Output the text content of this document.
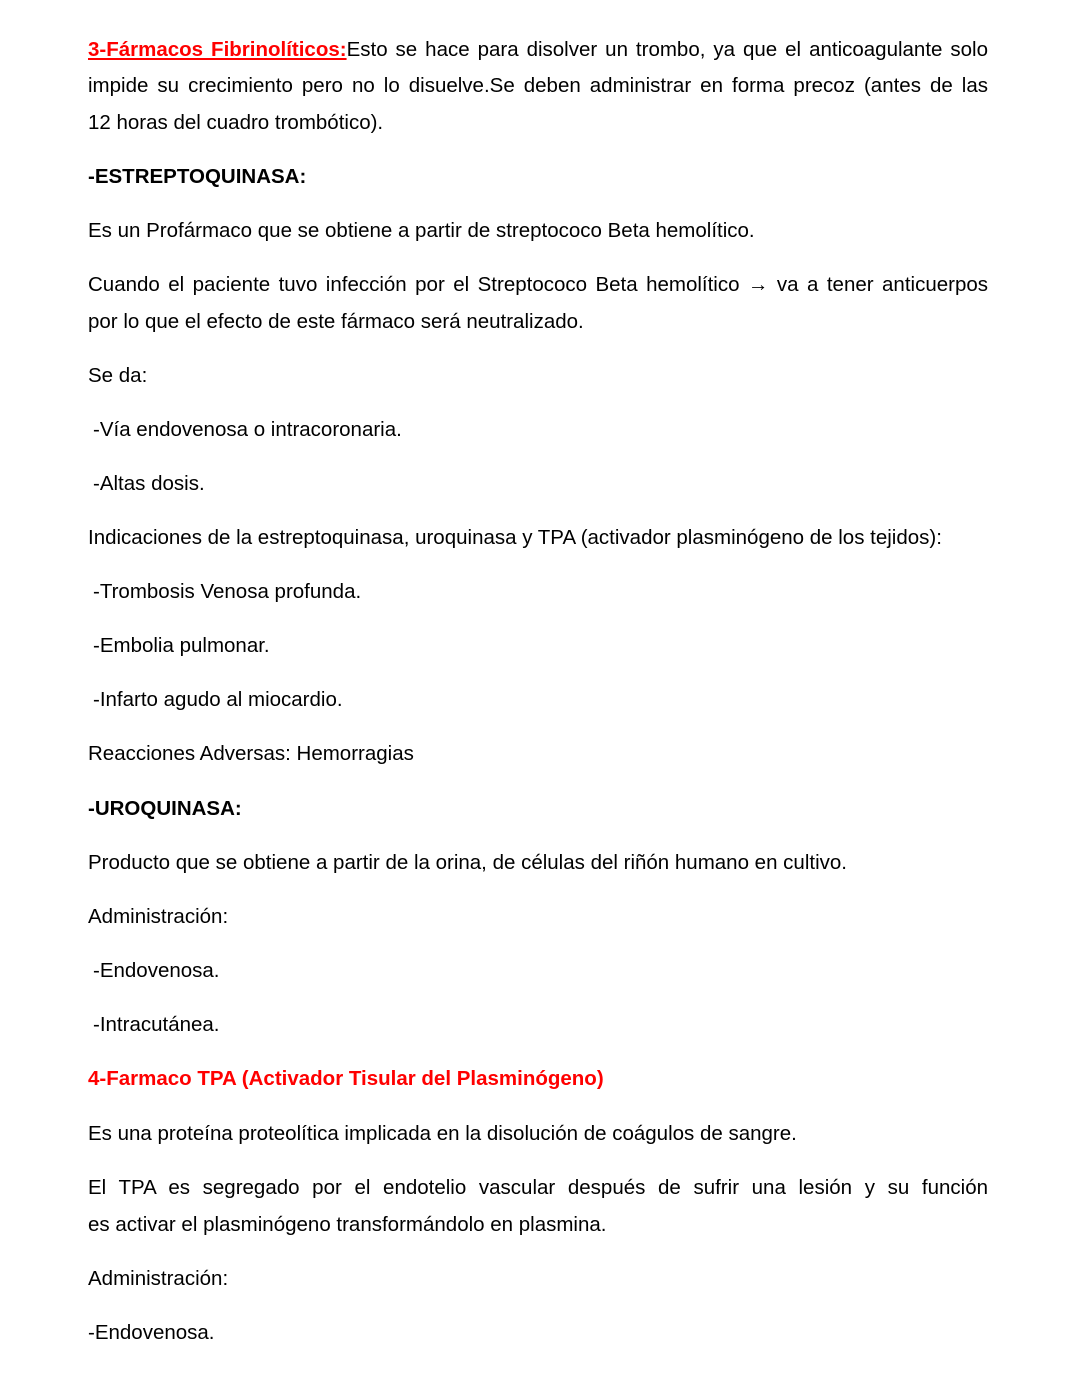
3-Fármacos Fibrinolíticos:Esto se hace para disolver un trombo, ya que el anticoagulante solo
impide su crecimiento pero no lo disuelve.Se deben administrar en forma precoz (antes de las
12 horas del cuadro trombótico).
-ESTREPTOQUINASA:
Es un Profármaco que se obtiene a partir de streptococo Beta hemolítico.
Cuando el paciente tuvo infección por el Streptococo Beta hemolítico → va a tener anticuerpos
por lo que el efecto de este fármaco será neutralizado.
Se da:
-Vía endovenosa o intracoronaria.
-Altas dosis.
Indicaciones de la estreptoquinasa, uroquinasa y TPA (activador plasminógeno de los tejidos):
-Trombosis Venosa profunda.
-Embolia pulmonar.
-Infarto agudo al miocardio.
Reacciones Adversas: Hemorragias
-UROQUINASA:
Producto que se obtiene a partir de la orina, de células del riñón humano en cultivo.
Administración:
-Endovenosa.
-Intracutánea.
4-Farmaco TPA (Activador Tisular del Plasminógeno)
Es una proteína proteolítica implicada en la disolución de coágulos de sangre.
El TPA es segregado por el endotelio vascular después de sufrir una lesión y su función
es activar el plasminógeno transformándolo en plasmina.
Administración:
-Endovenosa.
